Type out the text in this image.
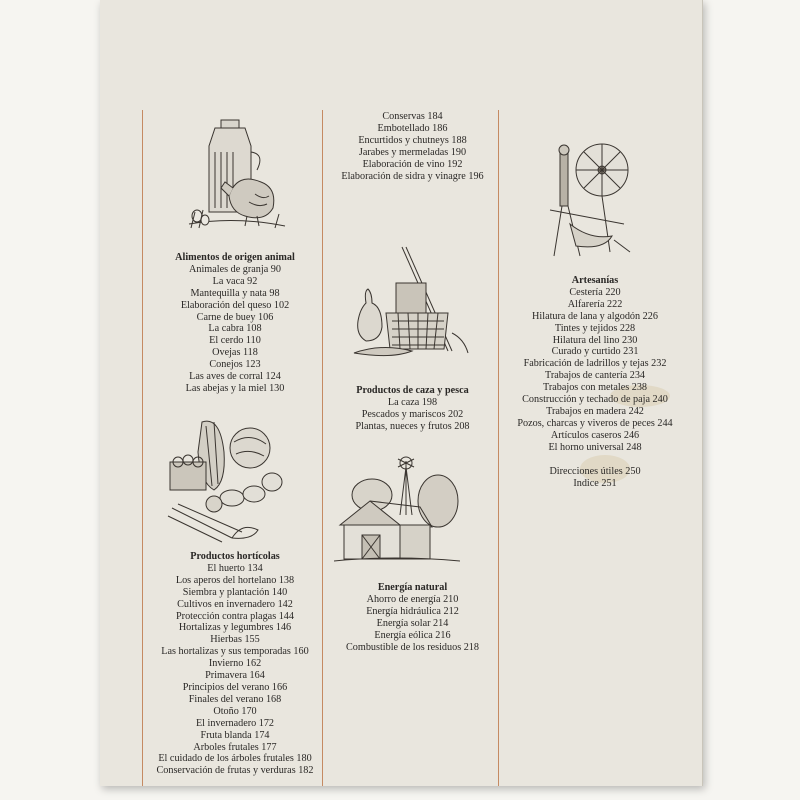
Alimentos de origen animal
Animales de granja 90
La vaca 92
Mantequilla y nata 98
Elaboración del queso 102
Carne de buey 106
La cabra 108
El cerdo 110
Ovejas 118
Conejos 123
Las aves de corral 124
Las abejas y la miel 130
Productos hortícolas
El huerto 134
Los aperos del hortelano 138
Siembra y plantación 140
Cultivos en invernadero 142
Protección contra plagas 144
Hortalizas y legumbres 146
Hierbas 155
Las hortalizas y sus temporadas 160
Invierno 162
Primavera 164
Principios del verano 166
Finales del verano 168
Otoño 170
El invernadero 172
Fruta blanda 174
Arboles frutales 177
El cuidado de los árboles frutales 180
Conservación de frutas y verduras 182
Conservas 184
Embotellado 186
Encurtidos y chutneys 188
Jarabes y mermeladas 190
Elaboración de vino 192
Elaboración de sidra y vinagre 196
Productos de caza y pesca
La caza 198
Pescados y mariscos 202
Plantas, nueces y frutos 208
Energía natural
Ahorro de energía 210
Energía hidráulica 212
Energía solar 214
Energía eólica 216
Combustible de los residuos 218
Artesanías
Cestería 220
Alfarería 222
Hilatura de lana y algodón 226
Tintes y tejidos 228
Hilatura del lino 230
Curado y curtido 231
Fabricación de ladrillos y tejas 232
Trabajos de cantería 234
Trabajos con metales 238
Construcción y techado de paja 240
Trabajos en madera 242
Pozos, charcas y viveros de peces 244
Artículos caseros 246
El horno universal 248
Direcciones útiles 250
Indice 251
